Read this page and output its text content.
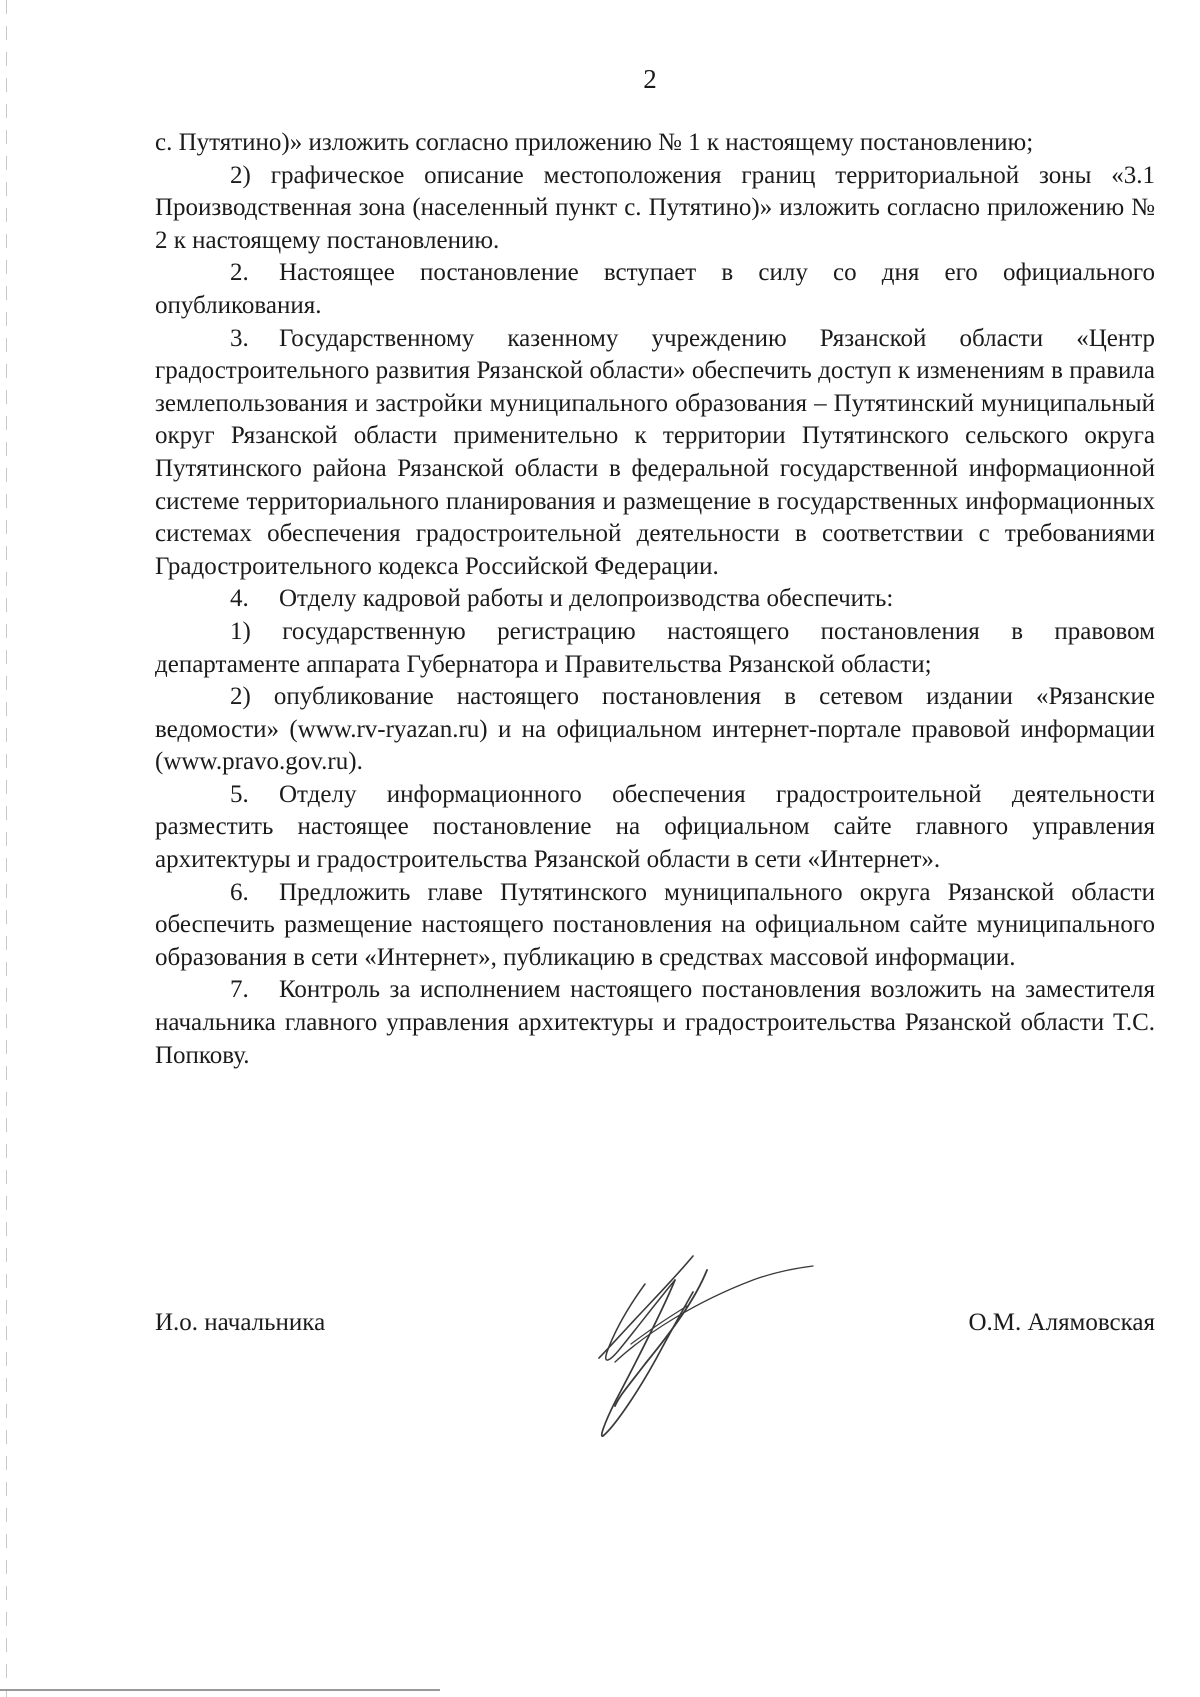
2

с. Путятино)» изложить согласно приложению № 1 к настоящему постановлению;

2) графическое описание местоположения границ территориальной зоны «3.1 Производственная зона (населенный пункт с. Путятино)» изложить согласно приложению № 2 к настоящему постановлению.

2. Настоящее постановление вступает в силу со дня его официального опубликования.

3. Государственному казенному учреждению Рязанской области «Центр градостроительного развития Рязанской области» обеспечить доступ к изменениям в правила землепользования и застройки муниципального образования – Путятинский муниципальный округ Рязанской области применительно к территории Путятинского сельского округа Путятинского района Рязанской области в федеральной государственной информационной системе территориального планирования и размещение в государственных информационных системах обеспечения градостроительной деятельности в соответствии с требованиями Градостроительного кодекса Российской Федерации.

4. Отделу кадровой работы и делопроизводства обеспечить:

1) государственную регистрацию настоящего постановления в правовом департаменте аппарата Губернатора и Правительства Рязанской области;

2) опубликование настоящего постановления в сетевом издании «Рязанские ведомости» (www.rv-ryazan.ru) и на официальном интернет-портале правовой информации (www.pravo.gov.ru).

5. Отделу информационного обеспечения градостроительной деятельности разместить настоящее постановление на официальном сайте главного управления архитектуры и градостроительства Рязанской области в сети «Интернет».

6. Предложить главе Путятинского муниципального округа Рязанской области обеспечить размещение настоящего постановления на официальном сайте муниципального образования в сети «Интернет», публикацию в средствах массовой информации.

7. Контроль за исполнением настоящего постановления возложить на заместителя начальника главного управления архитектуры и градостроительства Рязанской области Т.С. Попкову.

И.о. начальника	О.М. Алямовская
